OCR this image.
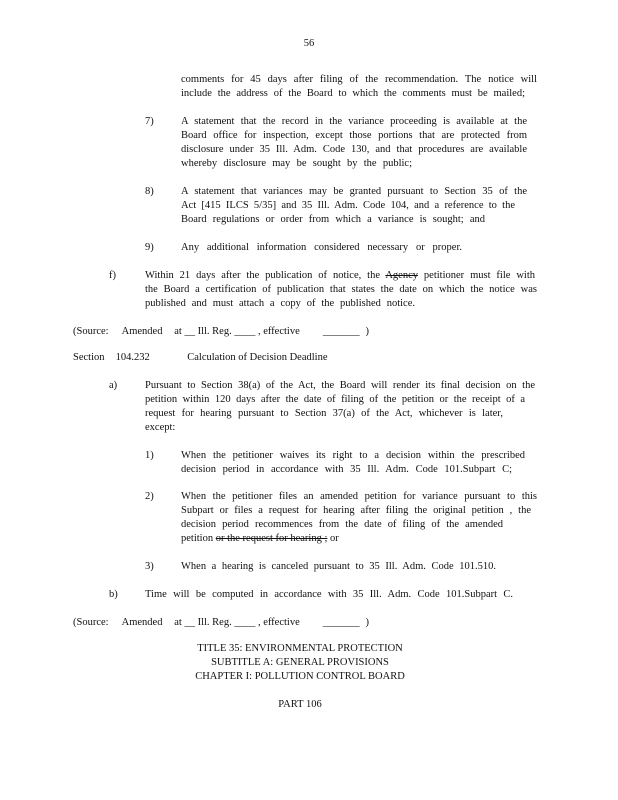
56

comments for 45 days after filing of the recommendation. The notice will

include the address of the Board to which the comments must be mailed;

7)	A statement that the record in the variance proceeding is available at the

Board office for inspection, except those portions that are protected from

disclosure under 35 Ill. Adm. Code 130, and that procedures are available

whereby disclosure may be sought by the public;

8)	A statement that variances may be granted pursuant to Section 35 of the

Act [415 ILCS 5/35] and 35 Ill. Adm. Code 104, and a reference to the

Board regulations or order from which a variance is sought; and

9)	Any additional information considered necessary or proper.

f)	Within 21 days after the publication of notice, the Agency petitioner must file with

the Board a certification of publication that states the date on which the notice was

published and must attach a copy of the published notice.

(Source: Amended at __ Ill. Reg. ____ , effective _______ )

Section 104.232	Calculation of Decision Deadline

a)	Pursuant to Section 38(a) of the Act, the Board will render its final decision on the

petition within 120 days after the date of filing of the petition or the receipt of a

request for hearing pursuant to Section 37(a) of the Act, whichever is later,

except:

1)	When the petitioner waives its right to a decision within the prescribed

decision period in accordance with 35 Ill. Adm. Code 101.Subpart C;

2)	When the petitioner files an amended petition for variance pursuant to this

Subpart or files a request for hearing after filing the original petition , the

decision period recommences from the date of filing of the amended

petition or the request for hearing ; or

3)	When a hearing is canceled pursuant to 35 Ill. Adm. Code 101.510.

b)	Time will be computed in accordance with 35 Ill. Adm. Code 101.Subpart C.

(Source: Amended at __ Ill. Reg. ____ , effective _______ )

TITLE 35: ENVIRONMENTAL PROTECTION

SUBTITLE A: GENERAL PROVISIONS

CHAPTER I: POLLUTION CONTROL BOARD

PART 106
